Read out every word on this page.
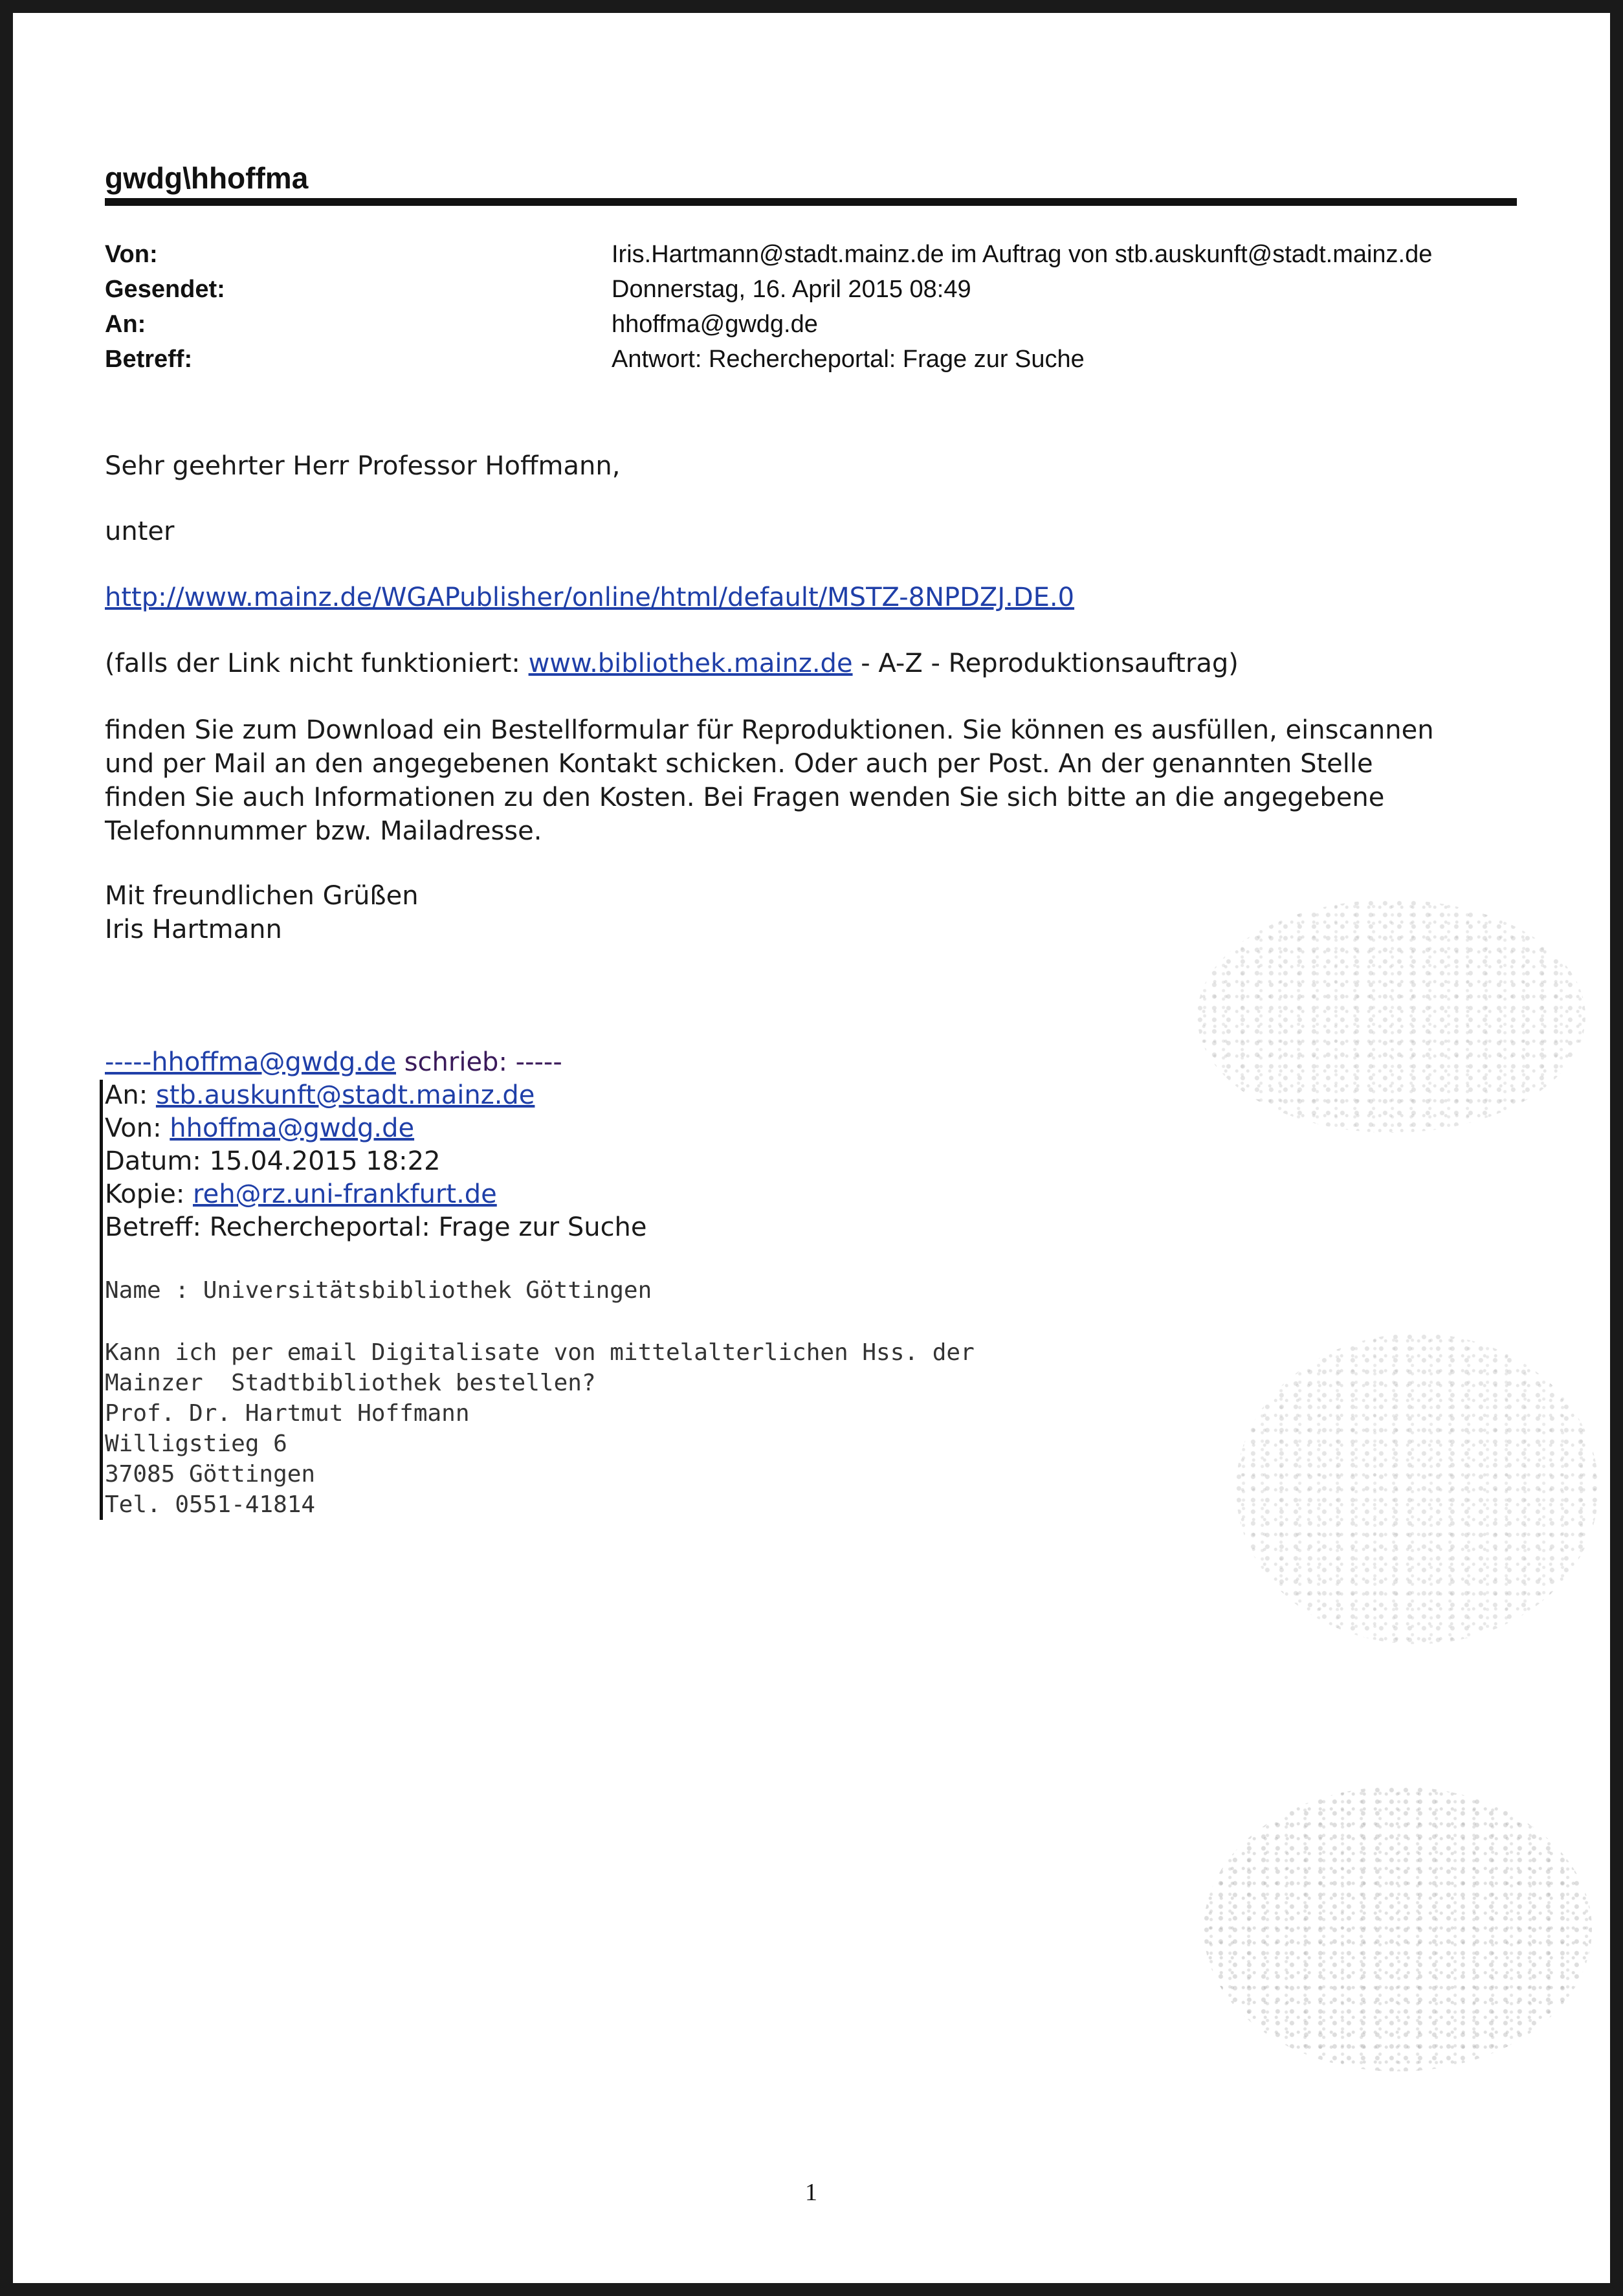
gwdg\hhoffma
Von:	Iris.Hartmann@stadt.mainz.de im Auftrag von stb.auskunft@stadt.mainz.de
Gesendet:	Donnerstag, 16. April 2015 08:49
An:	hhoffma@gwdg.de
Betreff:	Antwort: Rechercheportal: Frage zur Suche
Sehr geehrter Herr Professor Hoffmann,
unter
http://www.mainz.de/WGAPublisher/online/html/default/MSTZ-8NPDZJ.DE.0
(falls der Link nicht funktioniert: www.bibliothek.mainz.de - A-Z - Reproduktionsauftrag)
finden Sie zum Download ein Bestellformular für Reproduktionen. Sie können es ausfüllen, einscannen
und per Mail an den angegebenen Kontakt schicken. Oder auch per Post. An der genannten Stelle
finden Sie auch Informationen zu den Kosten. Bei Fragen wenden Sie sich bitte an die angegebene
Telefonnummer bzw. Mailadresse.
Mit freundlichen Grüßen
Iris Hartmann
-----hhoffma@gwdg.de schrieb: -----
An: stb.auskunft@stadt.mainz.de
Von: hhoffma@gwdg.de
Datum: 15.04.2015 18:22
Kopie: reh@rz.uni-frankfurt.de
Betreff: Rechercheportal: Frage zur Suche
Name : Universitätsbibliothek Göttingen
Kann ich per email Digitalisate von mittelalterlichen Hss. der
Mainzer  Stadtbibliothek bestellen?
Prof. Dr. Hartmut Hoffmann
Willigstieg 6
37085 Göttingen
Tel. 0551-41814
1
